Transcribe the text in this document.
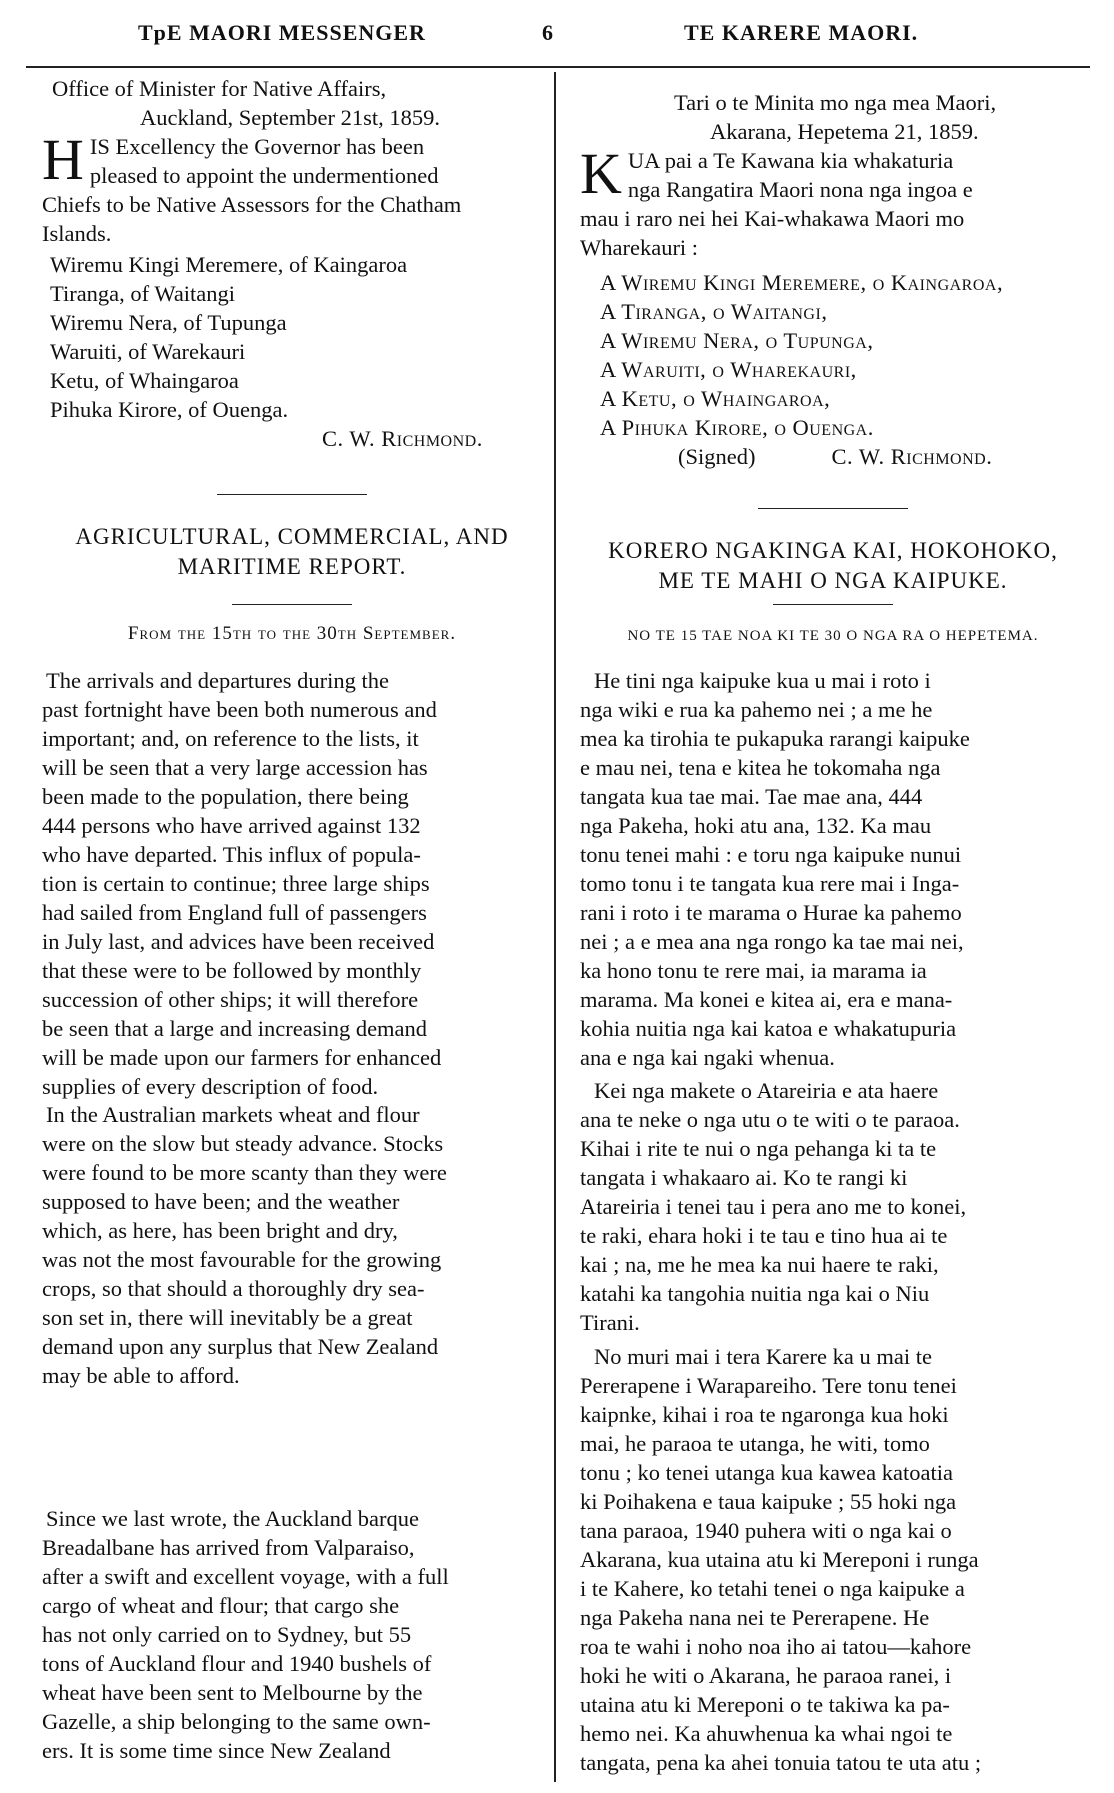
TpE MAORI MESSENGER	6	TE KARERE MAORI.
Office of Minister for Native Affairs,
Auckland, September 21st, 1859.
H IS Excellency the Governor has been
pleased to appoint the undermentioned
Chiefs to be Native Assessors for the Chatham
Islands.
Wiremu Kingi Meremere, of Kaingaroa
Tiranga, of Waitangi
Wiremu Nera, of Tupunga
Waruiti, of Warekauri
Ketu, of Whaingaroa
Pihuka Kirore, of Ouenga.
C. W. Richmond.

AGRICULTURAL, COMMERCIAL, AND

MARITIME REPORT.

From the 15th to the 30th September.

The arrivals and departures during the
past fortnight have been both numerous and
important; and, on reference to the lists, it
will be seen that a very large accession has
been made to the population, there being
444 persons who have arrived against 132
who have departed. This influx of popula-
tion is certain to continue; three large ships
had sailed from England full of passengers
in July last, and advices have been received
that these were to be followed by monthly
succession of other ships; it will therefore
be seen that a large and increasing demand
will be made upon our farmers for enhanced
supplies of every description of food.
In the Australian markets wheat and flour
were on the slow but steady advance. Stocks
were found to be more scanty than they were
supposed to have been; and the weather
which, as here, has been bright and dry,
was not the most favourable for the growing
crops, so that should a thoroughly dry sea-
son set in, there will inevitably be a great
demand upon any surplus that New Zealand
may be able to afford.
Since we last wrote, the Auckland barque
Breadalbane has arrived from Valparaiso,
after a swift and excellent voyage, with a full
cargo of wheat and flour; that cargo she
has not only carried on to Sydney, but 55
tons of Auckland flour and 1940 bushels of
wheat have been sent to Melbourne by the
Gazelle, a ship belonging to the same own-
ers. It is some time since New Zealand
Tari o te Minita mo nga mea Maori,
Akarana, Hepetema 21, 1859.
K UA pai a Te Kawana kia whakaturia
nga Rangatira Maori nona nga ingoa e
mau i raro nei hei Kai-whakawa Maori mo
Wharekauri :
A Wiremu Kingi Meremere, o Kaingaroa,
A Tiranga, o Waitangi,
A Wiremu Nera, o Tupunga,
A Waruiti, o Wharekauri,
A Ketu, o Whaingaroa,
A Pihuka Kirore, o Ouenga.
(Signed)	C. W. Richmond.

KORERO NGAKINGA KAI, HOKOHOKO,

ME TE MAHI O NGA KAIPUKE.

NO TE 15 TAE NOA KI TE 30 O NGA RA O HEPETEMA.

He tini nga kaipuke kua u mai i roto i
nga wiki e rua ka pahemo nei ; a me he
mea ka tirohia te pukapuka rarangi kaipuke
e mau nei, tena e kitea he tokomaha nga
tangata kua tae mai. Tae mae ana, 444
nga Pakeha, hoki atu ana, 132. Ka mau
tonu tenei mahi : e toru nga kaipuke nunui
tomo tonu i te tangata kua rere mai i Inga-
rani i roto i te marama o Hurae ka pahemo
nei ; a e mea ana nga rongo ka tae mai nei,
ka hono tonu te rere mai, ia marama ia
marama. Ma konei e kitea ai, era e mana-
kohia nuitia nga kai katoa e whakatupuria
ana e nga kai ngaki whenua.
Kei nga makete o Atareiria e ata haere
ana te neke o nga utu o te witi o te paraoa.
Kihai i rite te nui o nga pehanga ki ta te
tangata i whakaaro ai. Ko te rangi ki
Atareiria i tenei tau i pera ano me to konei,
te raki, ehara hoki i te tau e tino hua ai te
kai ; na, me he mea ka nui haere te raki,
katahi ka tangohia nuitia nga kai o Niu
Tirani.
No muri mai i tera Karere ka u mai te
Pererapene i Warapareiho. Tere tonu tenei
kaipnke, kihai i roa te ngaronga kua hoki
mai, he paraoa te utanga, he witi, tomo
tonu ; ko tenei utanga kua kawea katoatia
ki Poihakena e taua kaipuke ; 55 hoki nga
tana paraoa, 1940 puhera witi o nga kai o
Akarana, kua utaina atu ki Mereponi i runga
i te Kahere, ko tetahi tenei o nga kaipuke a
nga Pakeha nana nei te Pererapene. He
roa te wahi i noho noa iho ai tatou—kahore
hoki he witi o Akarana, he paraoa ranei, i
utaina atu ki Mereponi o te takiwa ka pa-
hemo nei. Ka ahuwhenua ka whai ngoi te
tangata, pena ka ahei tonuia tatou te uta atu ;
